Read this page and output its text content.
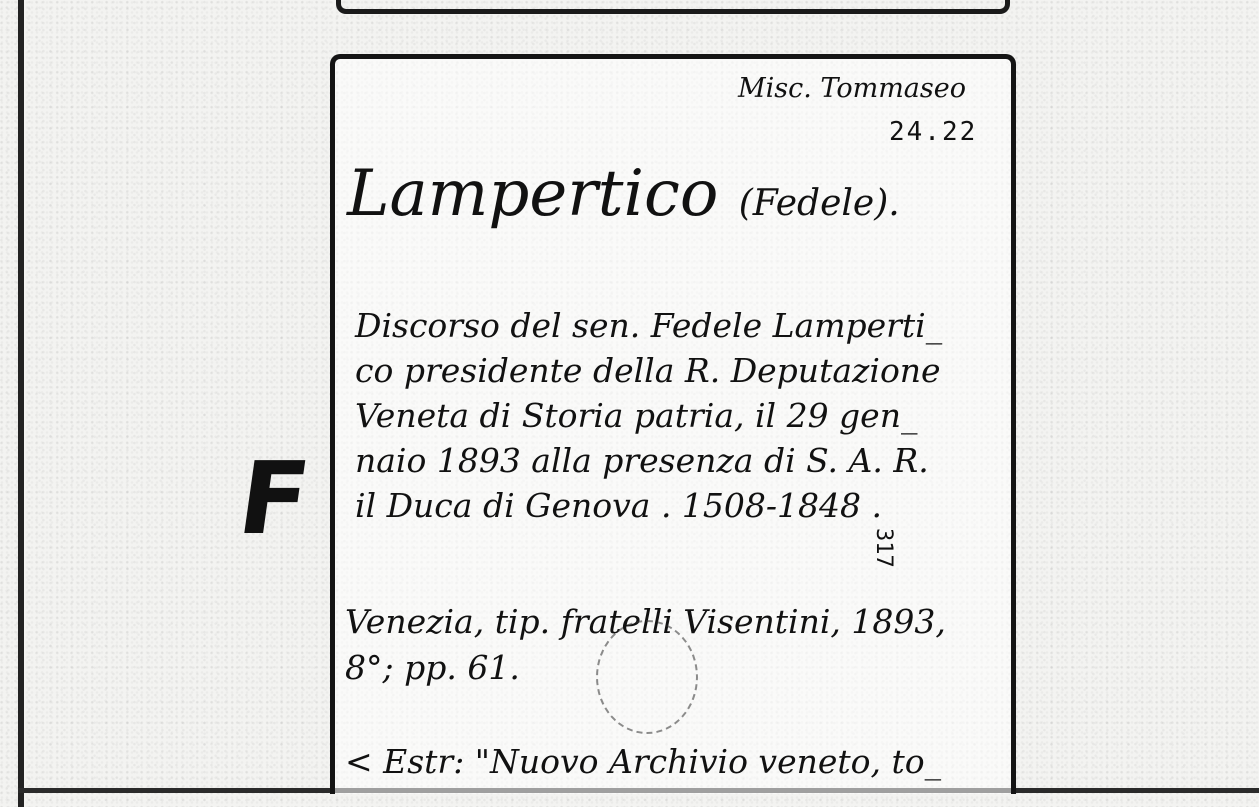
F
Misc. Tommaseo
24.22
Lampertico (Fedele).
Discorso del sen. Fedele Lamperti_
co presidente della R. Deputazione
Veneta di Storia patria, il 29 gen_
naio 1893 alla presenza di S. A. R.
il Duca di Genova . 1508-1848 .
Venezia, tip. fratelli Visentini, 1893,
8°; pp. 61.
< Estr: "Nuovo Archivio veneto, to_
317
